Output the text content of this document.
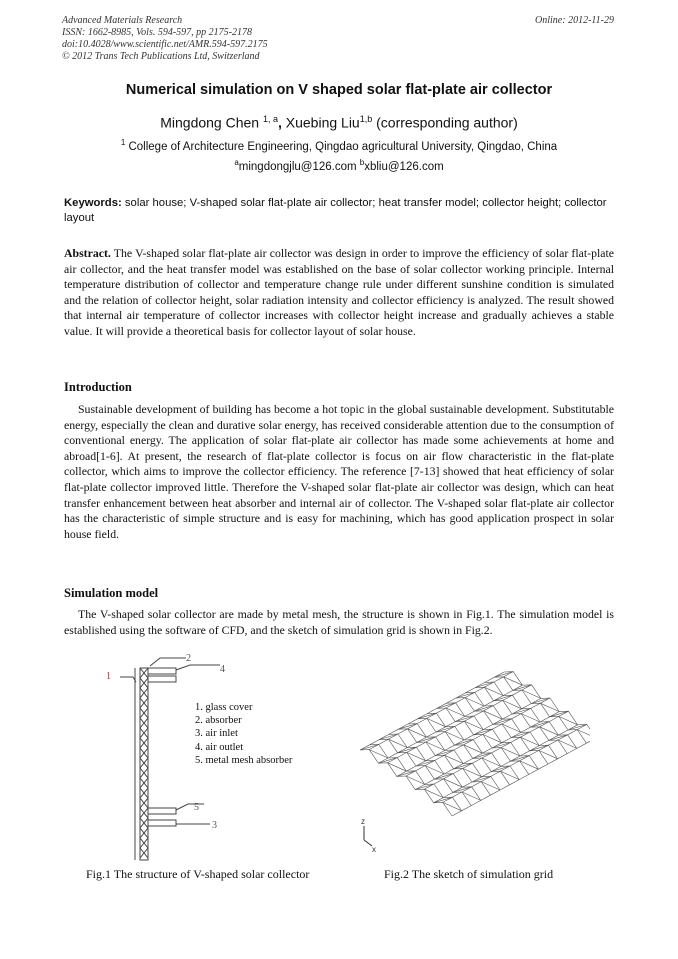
Advanced Materials Research
ISSN: 1662-8985, Vols. 594-597, pp 2175-2178
doi:10.4028/www.scientific.net/AMR.594-597.2175
© 2012 Trans Tech Publications Ltd, Switzerland
Online: 2012-11-29
Numerical simulation on V shaped solar flat-plate air collector
Mingdong Chen $^{1, a}$, Xuebing Liu$^{1,b}$ (corresponding author)
$^1$ College of Architecture Engineering, Qingdao agricultural University, Qingdao, China
$^a$mingdongjlu@126.com $^b$xbliu@126.com
Keywords: solar house; V-shaped solar flat-plate air collector; heat transfer model; collector height; collector layout
Abstract. The V-shaped solar flat-plate air collector was design in order to improve the efficiency of solar flat-plate air collector, and the heat transfer model was established on the base of solar collector working principle. Internal temperature distribution of collector and temperature change rule under different sunshine condition is simulated and the relation of collector height, solar radiation intensity and collector efficiency is analyzed. The result showed that internal air temperature of collector increases with collector height increase and gradually achieves a stable value. It will provide a theoretical basis for collector layout of solar house.
Introduction
Sustainable development of building has become a hot topic in the global sustainable development. Substitutable energy, especially the clean and durative solar energy, has received considerable attention due to the consumption of conventional energy. The application of solar flat-plate air collector has made some achievements at home and abroad[1-6]. At present, the research of flat-plate collector is focus on air flow characteristic in the flat-plate collector, which aims to improve the collector efficiency. The reference [7-13] showed that heat efficiency of solar flat-plate collector improved little. Therefore the V-shaped solar flat-plate air collector was design, which can heat transfer enhancement between heat absorber and internal air of collector. The V-shaped solar flat-plate air collector has the characteristic of simple structure and is easy for machining, which has good application prospect in solar house field.
Simulation model
The V-shaped solar collector are made by metal mesh, the structure is shown in Fig.1. The simulation model is established using the software of CFD, and the sketch of simulation grid is shown in Fig.2.
1
2
3
4
5
1. glass cover
2. absorber
3. air inlet
4. air outlet
5. metal mesh absorber
z
x
Fig.1 The structure of V-shaped solar collector	Fig.2 The sketch of simulation grid
